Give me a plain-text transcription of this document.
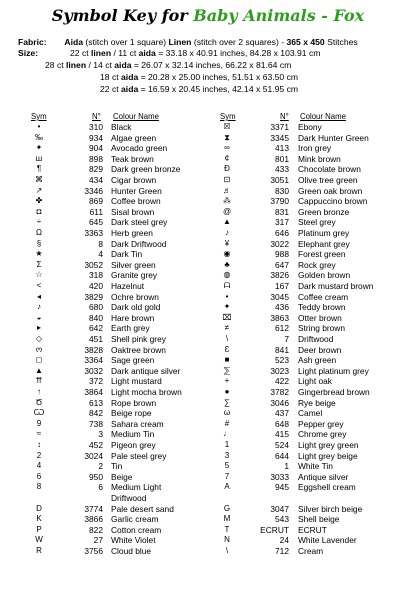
Symbol Key for Baby Animals - Fox
Fabric: Aida (stitch over 1 square) Linen (stitch over 2 squares) - 365 x 450 Stitches
Size:	22 ct linen / 11 ct aida = 33.18 x 40.91 inches, 84.28 x 103.91 cm
28 ct linen / 14 ct aida = 26.07 x 32.14 inches, 66.22 x 81.64 cm
18 ct aida = 20.28 x 25.00 inches, 51.51 x 63.50 cm
22 ct aida = 16.59 x 20.45 inches, 42.14 x 51.95 cm
Sym	N° Colour Name	Sym	N° Colour Name
•	310 Black
‰	934 Algae green
✦	904 Avocado green
ш	898 Teak brown
¶	829 Dark green bronze
⌘	434 Cigar brown
↗	3346 Hunter Green
✤	869 Coffee brown
◘	611 Sisal brown
÷	645 Dark steel grey
Ω	3363 Herb green
§	8 Dark Driftwood
★	4 Dark Tin
Σ	3052 Silver green
☆	318 Granite grey
<	420 Hazelnut
◂	3829 Ochre brown
♪	680 Dark old gold
◒	840 Hare brown
▸	642 Earth grey
◇	451 Shell pink grey
ო	3828 Oaktree brown
◻	3364 Sage green
▲	3032 Dark antique silver
⇈	372 Light mustard
↑	3864 Light mocha brown
Ծ	613 Rope brown
Ѡ	842 Beige rope
9	738 Sahara cream
≈	3 Medium Tin
↕	452 Pigeon grey
2	3024 Pale steel grey
4	2 Tin
6	950 Beige
8	6 Medium Light
Driftwood
D	3774 Pale desert sand
K	3866 Garlic cream
P	822 Cotton cream
W	27 White Violet
R	3756 Cloud blue
☒	3371 Ebony
⧗	3345 Dark Hunter Green
∞	413 Iron grey
¢	801 Mink brown
Ð	433 Chocolate brown
⊡	3051 Olive tree green
♬	830 Green oak brown
⁂	3790 Cappuccino brown
@	831 Green bronze
▲	317 Steel grey
♪	646 Platinum grey
¥	3022 Elephant grey
◉	988 Forest green
♣	647 Rock grey
◍	3826 Golden brown
ᗩ	167 Dark mustard brown
•	3045 Coffee cream
✦	436 Teddy brown
⌧	3863 Otter brown
≠	612 String brown
\	7 Driftwood
Ɛ	841 Deer brown
■	523 Ash green
⅀	3023 Light platinum grey
+	422 Light oak
●	3782 Gingerbread brown
∑	3046 Rye beige
ω	437 Camel
#	648 Pepper grey
♩	415 Chrome grey
1	524 Light grey green
3	644 Light grey beige
5	1 White Tin
7	3033 Antique silver
A	945 Eggshell cream
G	3047 Silver birch beige
M	543 Shell beige
T	ECRUT ECRUT
N	24 White Lavender
\	712 Cream
